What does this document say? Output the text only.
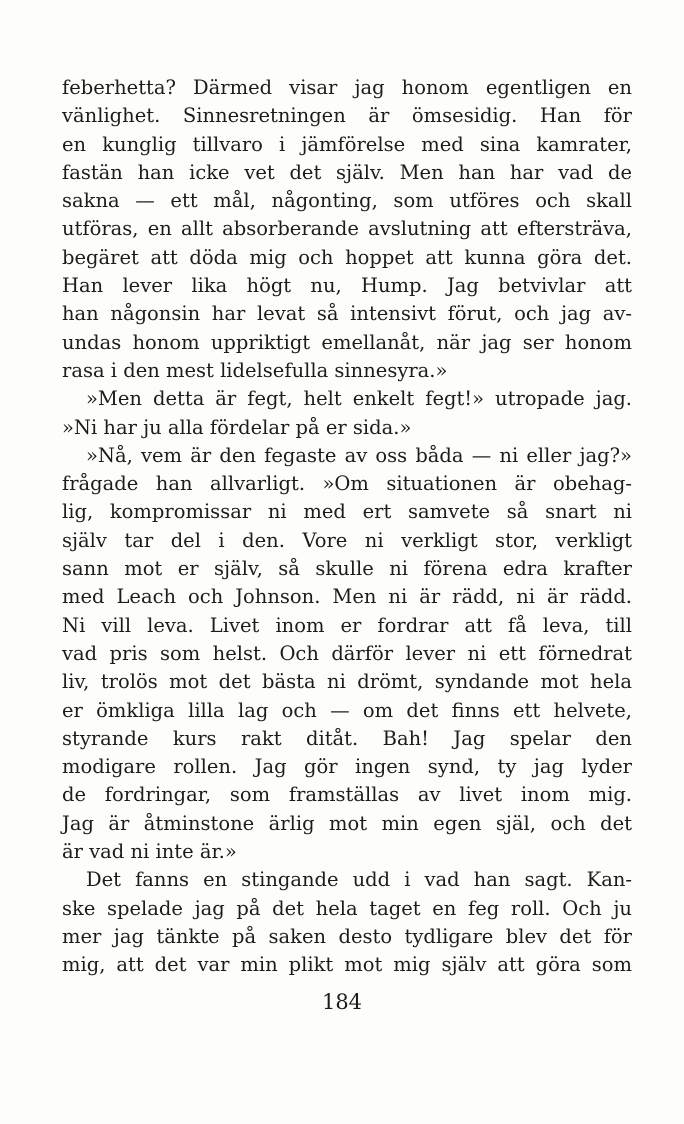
feberhetta? Därmed visar jag honom egentligen en
vänlighet. Sinnesretningen är ömsesidig. Han för
en kunglig tillvaro i jämförelse med sina kamrater,
fastän han icke vet det själv. Men han har vad de
sakna — ett mål, någonting, som utföres och skall
utföras, en allt absorberande avslutning att eftersträva,
begäret att döda mig och hoppet att kunna göra det.
Han lever lika högt nu, Hump. Jag betvivlar att
han någonsin har levat så intensivt förut, och jag av-
undas honom uppriktigt emellanåt, när jag ser honom
rasa i den mest lidelsefulla sinnesyra.»
»Men detta är fegt, helt enkelt fegt!» utropade jag.
»Ni har ju alla fördelar på er sida.»
»Nå, vem är den fegaste av oss båda — ni eller jag?»
frågade han allvarligt. »Om situationen är obehag-
lig, kompromissar ni med ert samvete så snart ni
själv tar del i den. Vore ni verkligt stor, verkligt
sann mot er själv, så skulle ni förena edra krafter
med Leach och Johnson. Men ni är rädd, ni är rädd.
Ni vill leva. Livet inom er fordrar att få leva, till
vad pris som helst. Och därför lever ni ett förnedrat
liv, trolös mot det bästa ni drömt, syndande mot hela
er ömkliga lilla lag och — om det finns ett helvete,
styrande kurs rakt ditåt. Bah! Jag spelar den
modigare rollen. Jag gör ingen synd, ty jag lyder
de fordringar, som framställas av livet inom mig.
Jag är åtminstone ärlig mot min egen själ, och det
är vad ni inte är.»
Det fanns en stingande udd i vad han sagt. Kan-
ske spelade jag på det hela taget en feg roll. Och ju
mer jag tänkte på saken desto tydligare blev det för
mig, att det var min plikt mot mig själv att göra som
184
